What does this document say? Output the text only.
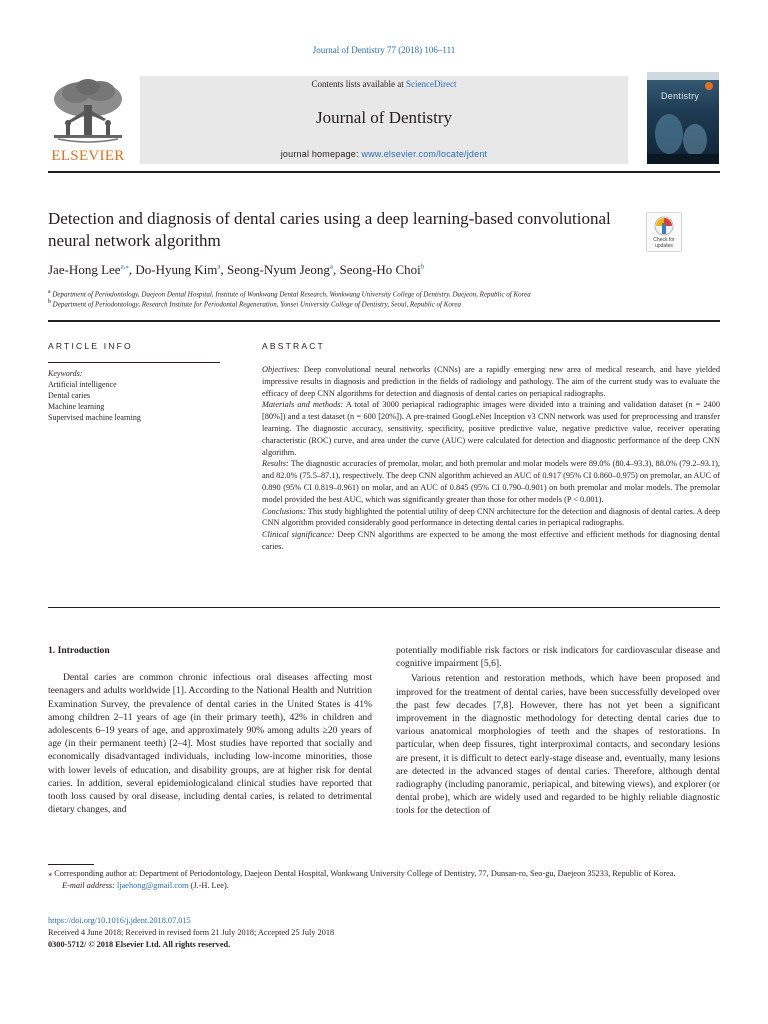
Journal of Dentistry 77 (2018) 106–111
ELSEVIER
Contents lists available at ScienceDirect
Journal of Dentistry
journal homepage: www.elsevier.com/locate/jdent
Dentistry
Detection and diagnosis of dental caries using a deep learning-based convolutional neural network algorithm	Check for updates
Jae-Hong Lee$^{a,⁎}$, Do-Hyung Kim$^a$, Seong-Nyum Jeong$^a$, Seong-Ho Choi$^b$
$^a$ Department of Periodontology, Daejeon Dental Hospital, Institute of Wonkwang Dental Research, Wonkwang University College of Dentistry, Daejeon, Republic of Korea
$^b$ Department of Periodontology, Research Institute for Periodontal Regeneration, Yonsei University College of Dentistry, Seoul, Republic of Korea
ARTICLE INFO
Keywords:
Artificial intelligence
Dental caries
Machine learning
Supervised machine learning
ABSTRACT

Objectives: Deep convolutional neural networks (CNNs) are a rapidly emerging new area of medical research, and have yielded impressive results in diagnosis and prediction in the fields of radiology and pathology. The aim of the current study was to evaluate the efficacy of deep CNN algorithms for detection and diagnosis of dental caries on periapical radiographs.

Materials and methods: A total of 3000 periapical radiographic images were divided into a training and validation dataset (n = 2400 [80%]) and a test dataset (n = 600 [20%]). A pre-trained GoogLeNet Inception v3 CNN network was used for preprocessing and transfer learning. The diagnostic accuracy, sensitivity, specificity, positive predictive value, negative predictive value, receiver operating characteristic (ROC) curve, and area under the curve (AUC) were calculated for detection and diagnostic performance of the deep CNN algorithm.

Results: The diagnostic accuracies of premolar, molar, and both premolar and molar models were 89.0% (80.4–93.3), 88.0% (79.2–93.1), and 82.0% (75.5–87.1), respectively. The deep CNN algorithm achieved an AUC of 0.917 (95% CI 0.860–0.975) on premolar, an AUC of 0.890 (95% CI 0.819–0.961) on molar, and an AUC of 0.845 (95% CI 0.790–0.901) on both premolar and molar models. The premolar model provided the best AUC, which was significantly greater than those for other models (P < 0.001).

Conclusions: This study highlighted the potential utility of deep CNN architecture for the detection and diagnosis of dental caries. A deep CNN algorithm provided considerably good performance in detecting dental caries in periapical radiographs.

Clinical significance: Deep CNN algorithms are expected to be among the most effective and efficient methods for diagnosing dental caries.

1. Introduction

Dental caries are common chronic infectious oral diseases affecting most teenagers and adults worldwide [1]. According to the National Health and Nutrition Examination Survey, the prevalence of dental caries in the United States is 41% among children 2–11 years of age (in their primary teeth), 42% in children and adolescents 6–19 years of age, and approximately 90% among adults ≥20 years of age (in their permanent teeth) [2–4]. Most studies have reported that socially and economically disadvantaged individuals, including low-income minorities, those with lower levels of education, and disability groups, are at higher risk for dental caries. In addition, several epidemiologicaland clinical studies have reported that tooth loss caused by oral disease, including dental caries, is related to detrimental dietary changes, and

potentially modifiable risk factors or risk indicators for cardiovascular disease and cognitive impairment [5,6].

Various retention and restoration methods, which have been proposed and improved for the treatment of dental caries, have been successfully developed over the past few decades [7,8]. However, there has not yet been a significant improvement in the diagnostic methodology for detecting dental caries due to various anatomical morphologies of teeth and the shapes of restorations. In particular, when deep fissures, tight interproximal contacts, and secondary lesions are present, it is difficult to detect early-stage disease and, eventually, many lesions are detected in the advanced stages of dental caries. Therefore, although dental radiography (including panoramic, periapical, and bitewing views), and explorer (or dental probe), which are widely used and regarded to be highly reliable diagnostic tools for the detection of

⁎ Corresponding author at: Department of Periodontology, Daejeon Dental Hospital, Wonkwang University College of Dentistry, 77, Dunsan-ro, Seo-gu, Daejeon 35233, Republic of Korea.
E-mail address: ljaehong@gmail.com (J.-H. Lee).
https://doi.org/10.1016/j.jdent.2018.07.015
Received 4 June 2018; Received in revised form 21 July 2018; Accepted 25 July 2018
0300-5712/ © 2018 Elsevier Ltd. All rights reserved.
